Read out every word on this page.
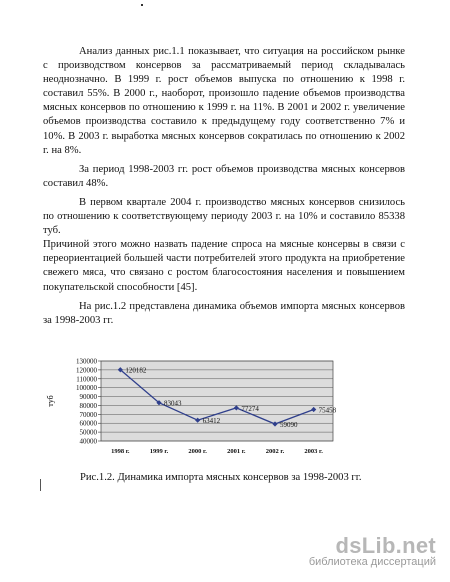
Анализ данных рис.1.1 показывает, что ситуация на российском рынке с производством консервов за рассматриваемый период складывалась неоднозначно. В 1999 г. рост объемов выпуска по отношению к 1998 г. составил 55%. В 2000 г., наоборот, произошло падение объемов производства мясных консервов по отношению к 1999 г. на 11%. В 2001 и 2002 г. увеличение объемов производства составило к предыдущему году соответственно 7% и 10%. В 2003 г. выработка мясных консервов сократилась по отношению к 2002 г. на 8%.

За период 1998-2003 гг. рост объемов производства мясных консервов составил 48%.

В первом квартале 2004 г. производство мясных консервов снизилось по отношению к соответствующему периоду 2003 г. на 10% и составило 85338 туб.

Причиной этого можно назвать падение спроса на мясные консервы в связи с переориентацией большей части потребителей этого продукта на приобретение свежего мяса, что связано с ростом благосостояния населения и повышением покупательской способности [45].

На рис.1.2 представлена динамика объемов импорта мясных консервов за 1998-2003 гг.

40000
50000
60000
70000
80000
90000
100000
110000
120000
130000
туб
1998 г.	1999 г.	2000 г.	2001 г.	2002 г.	2003 г.
120182
83043
63412
77274
59090
75458
Рис.1.2. Динамика импорта мясных консервов за 1998-2003 гг.
dsLib.net
библиотека диссертаций
